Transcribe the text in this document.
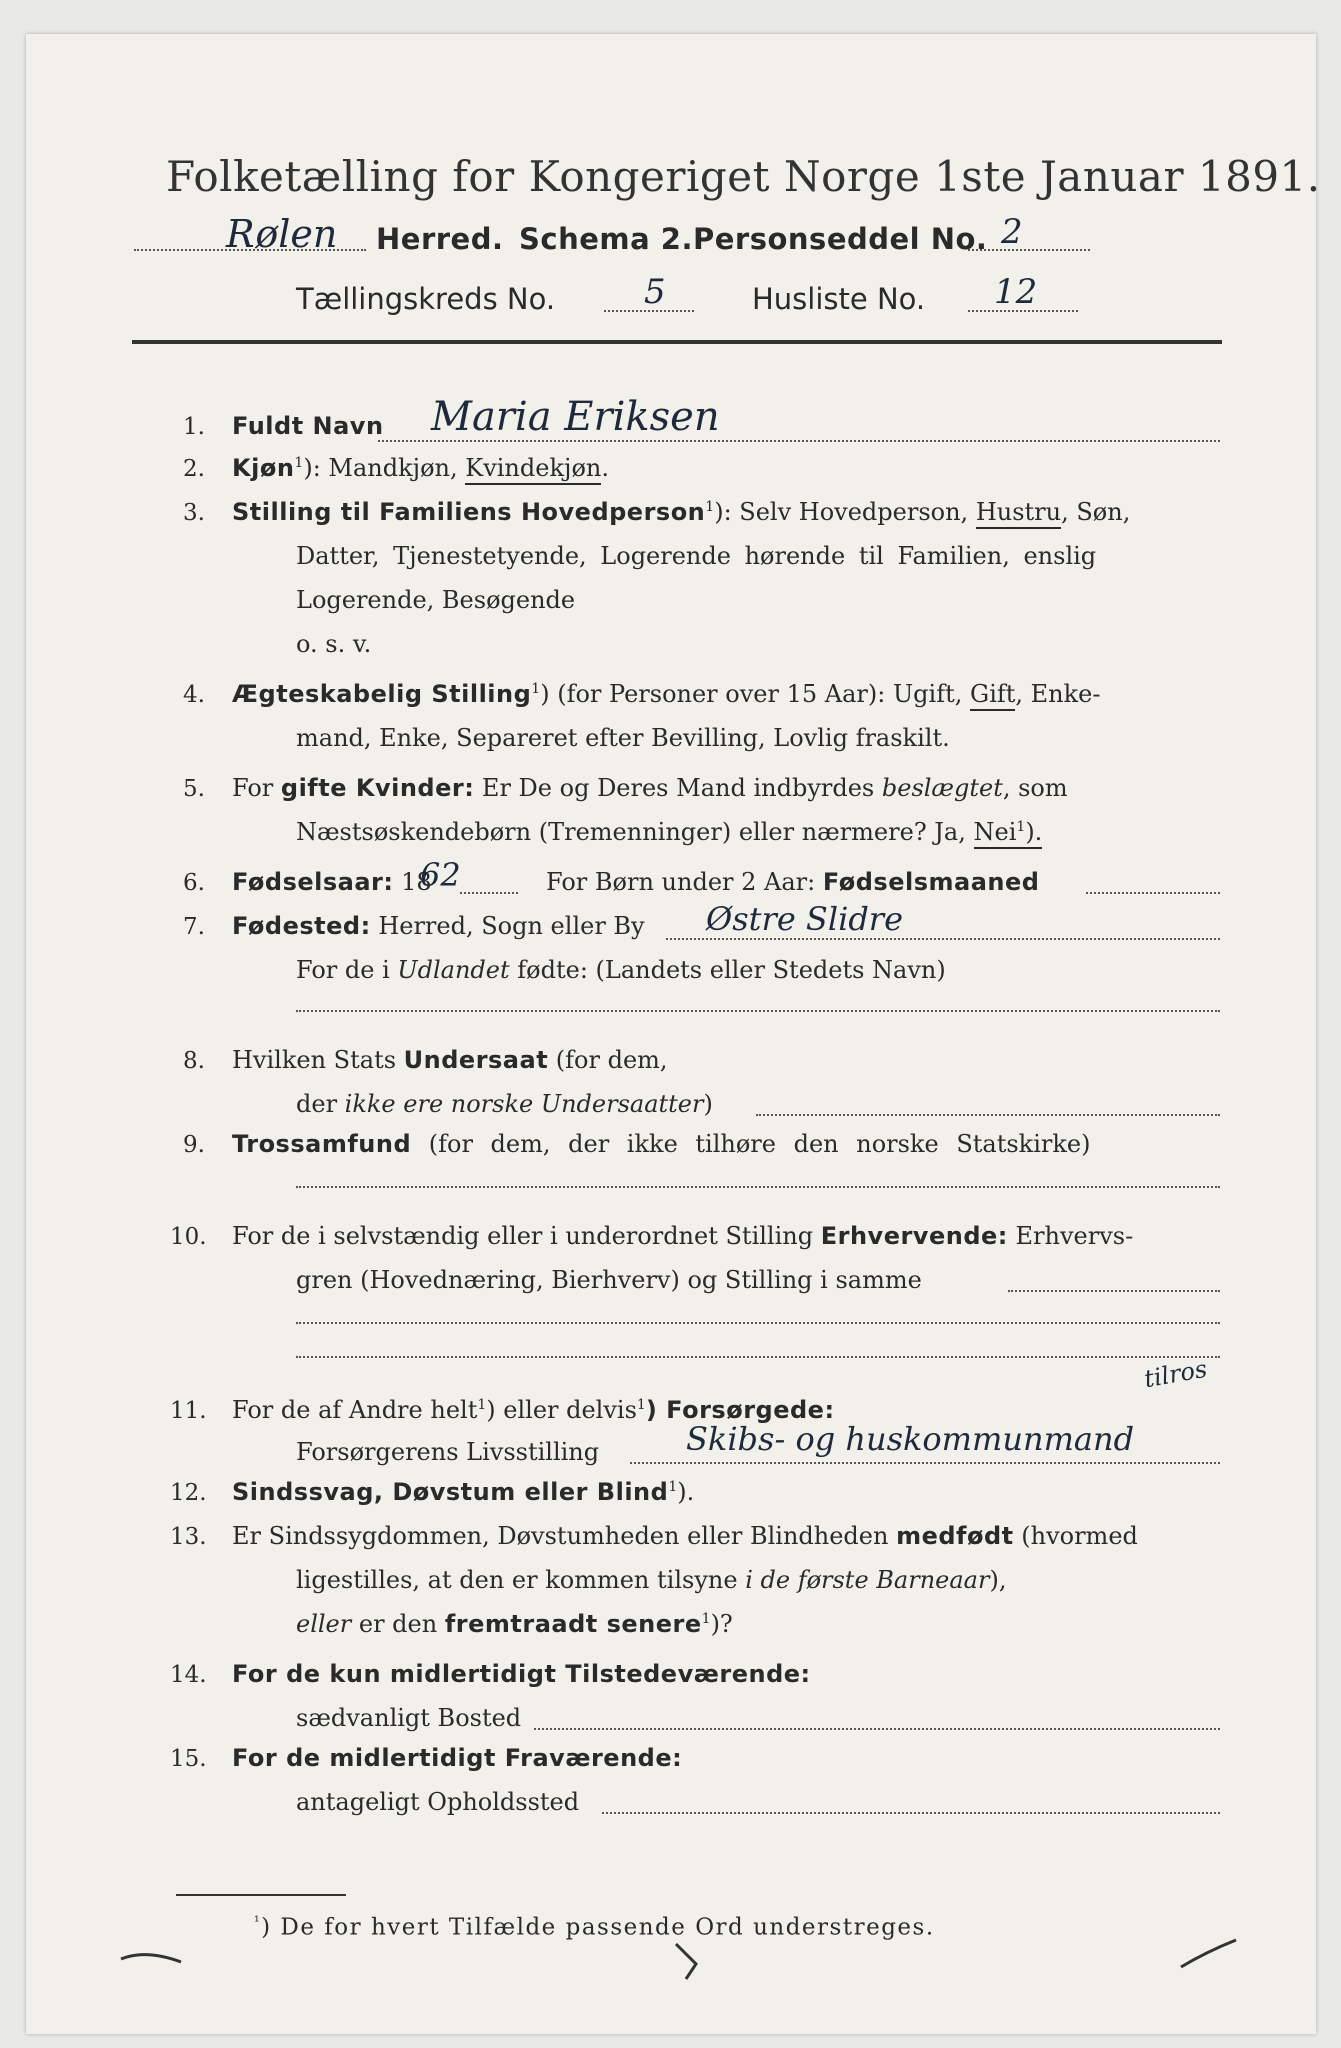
Folketælling for Kongeriget Norge 1ste Januar 1891.
Rølen Herred. Schema 2. Personseddel No. 2
Tællingskreds No.	5	Husliste No. 12
1. Fuldt Navn Maria Eriksen
2. Kjøn$^1$): Mandkjøn, Kvindekjøn.
3. Stilling til Familiens Hovedperson$^1$): Selv Hovedperson, Hustru, Søn,
Datter, Tjenestetyende, Logerende hørende til Familien, enslig
Logerende, Besøgende
o. s. v.
4. Ægteskabelig Stilling$^1$) (for Personer over 15 Aar): Ugift, Gift, Enke-
mand, Enke, Separeret efter Bevilling, Lovlig fraskilt.
5. For gifte Kvinder: Er De og Deres Mand indbyrdes beslægtet, som
Næstsøskendebørn (Tremenninger) eller nærmere? Ja, Nei$^1$).
6. Fødselsaar: 18
62	For Børn under 2 Aar: Fødselsmaaned
7. Fødested: Herred, Sogn eller By Østre Slidre
For de i Udlandet fødte: (Landets eller Stedets Navn)
8. Hvilken Stats Undersaat (for dem,
der ikke ere norske Undersaatter)
9. Trossamfund (for dem, der ikke tilhøre den norske Statskirke)
10. For de i selvstændig eller i underordnet Stilling Erhvervende: Erhvervs-
gren (Hovednæring, Bierhverv) og Stilling i samme
11. For de af Andre helt$^1$) eller delvis$^1$) Forsørgede:
tilros
Forsørgerens Livsstilling	Skibs- og huskommunmand
12. Sindssvag, Døvstum eller Blind$^1$).
13. Er Sindssygdommen, Døvstumheden eller Blindheden medfødt (hvormed
ligestilles, at den er kommen tilsyne i de første Barneaar),
eller er den fremtraadt senere$^1$)?
14. For de kun midlertidigt Tilstedeværende:
sædvanligt Bosted
15. For de midlertidigt Fraværende:
antageligt Opholdssted
$^{^1}$) De for hvert Tilfælde passende Ord understreges.
